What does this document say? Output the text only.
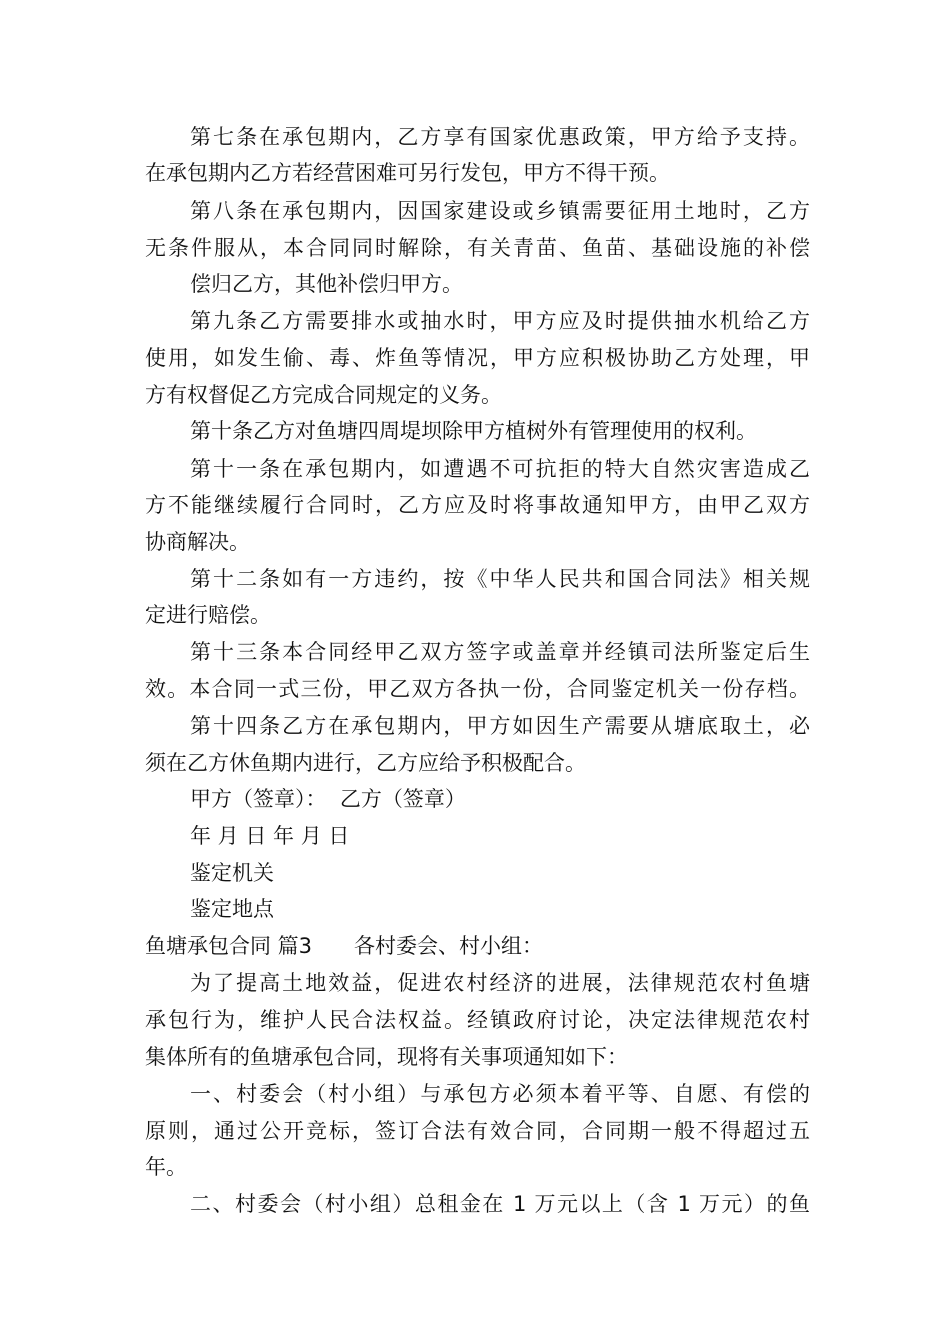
第七条在承包期内，乙方享有国家优惠政策，甲方给予支持。
在承包期内乙方若经营困难可另行发包，甲方不得干预。
第八条在承包期内，因国家建设或乡镇需要征用土地时，乙方
无条件服从，本合同同时解除，有关青苗、鱼苗、基础设施的补偿
偿归乙方，其他补偿归甲方。
第九条乙方需要排水或抽水时，甲方应及时提供抽水机给乙方
使用，如发生偷、毒、炸鱼等情况，甲方应积极协助乙方处理，甲
方有权督促乙方完成合同规定的义务。
第十条乙方对鱼塘四周堤坝除甲方植树外有管理使用的权利。
第十一条在承包期内，如遭遇不可抗拒的特大自然灾害造成乙
方不能继续履行合同时，乙方应及时将事故通知甲方，由甲乙双方
协商解决。
第十二条如有一方违约，按《中华人民共和国合同法》相关规
定进行赔偿。
第十三条本合同经甲乙双方签字或盖章并经镇司法所鉴定后生
效。本合同一式三份，甲乙双方各执一份，合同鉴定机关一份存档。
第十四条乙方在承包期内，甲方如因生产需要从塘底取土，必
须在乙方休鱼期内进行，乙方应给予积极配合。
甲方（签章）：  乙方（签章）
年 月 日 年 月 日
鉴定机关
鉴定地点
鱼塘承包合同 篇3 各村委会、村小组：
为了提高土地效益，促进农村经济的进展，法律规范农村鱼塘
承包行为，维护人民合法权益。经镇政府讨论，决定法律规范农村
集体所有的鱼塘承包合同，现将有关事项通知如下：
一、村委会（村小组）与承包方必须本着平等、自愿、有偿的
原则，通过公开竞标，签订合法有效合同，合同期一般不得超过五
年。
二、村委会（村小组）总租金在 1 万元以上（含 1 万元）的鱼
